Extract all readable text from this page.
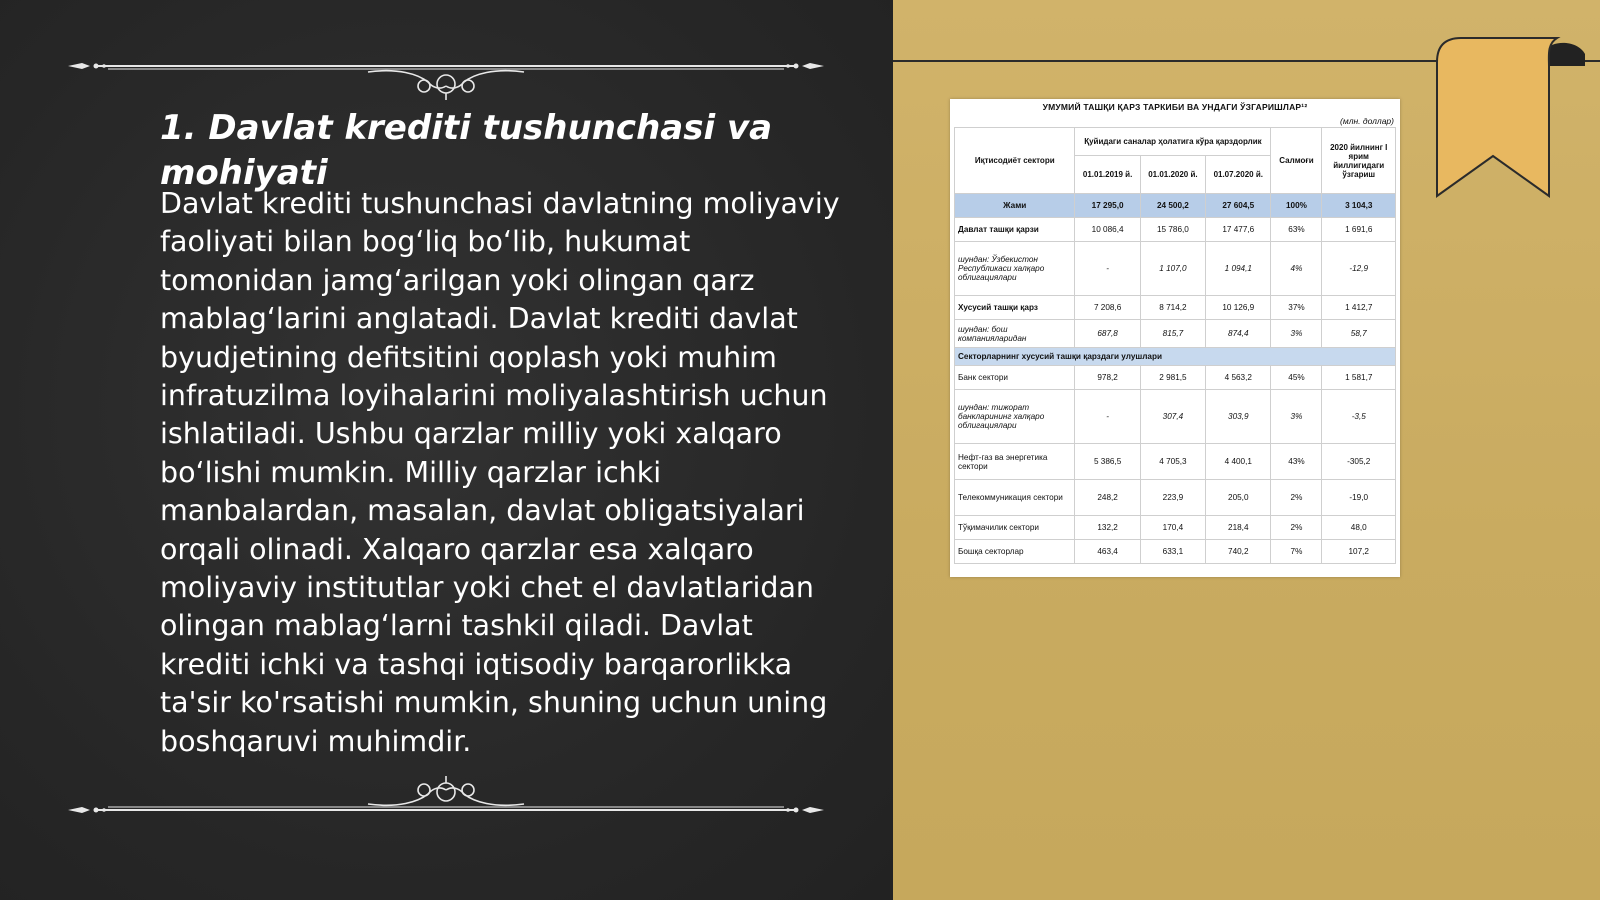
1. Davlat krediti tushunchasi va mohiyati

Davlat krediti tushunchasi davlatning moliyaviy faoliyati bilan bog‘liq bo‘lib, hukumat tomonidan jamg‘arilgan yoki olingan qarz mablag‘larini anglatadi. Davlat krediti davlat byudjetining defitsitini qoplash yoki muhim infratuzilma loyihalarini moliyalashtirish uchun ishlatiladi. Ushbu qarzlar milliy yoki xalqaro bo‘lishi mumkin. Milliy qarzlar ichki manbalardan, masalan, davlat obligatsiyalari orqali olinadi. Xalqaro qarzlar esa xalqaro moliyaviy institutlar yoki chet el davlatlaridan olingan mablag‘larni tashkil qiladi. Davlat krediti ichki va tashqi iqtisodiy barqarorlikka ta'sir ko'rsatishi mumkin, shuning uchun uning boshqaruvi muhimdir.

УМУМИЙ ТАШҚИ ҚАРЗ ТАРКИБИ ВА УНДАГИ ЎЗГАРИШЛАР¹²
(млн. доллар)
Иқтисодиёт сектори	Қуйидаги саналар ҳолатига кўра қарздорлик			Салмоғи	2020 йилнинг I ярим йиллигидаги ўзгариш
	01.01.2019 й.	01.01.2020 й.	01.07.2020 й.		
Жами	17 295,0	24 500,2	27 604,5	100%	3 104,3
Давлат ташқи қарзи	10 086,4	15 786,0	17 477,6	63%	1 691,6
шундан: Ўзбекистон Республикаси халқаро облигациялари	-	1 107,0	1 094,1	4%	-12,9
Хусусий ташқи қарз	7 208,6	8 714,2	10 126,9	37%	1 412,7
шундан: бош компанияларидан	687,8	815,7	874,4	3%	58,7
Секторларнинг хусусий ташқи қарздаги улушлари					
Банк сектори	978,2	2 981,5	4 563,2	45%	1 581,7
шундан: тижорат банкларининг халқаро облигациялари	-	307,4	303,9	3%	-3,5
Нефт-газ ва энергетика сектори	5 386,5	4 705,3	4 400,1	43%	-305,2
Телекоммуникация сектори	248,2	223,9	205,0	2%	-19,0
Тўқимачилик сектори	132,2	170,4	218,4	2%	48,0
Бошқа секторлар	463,4	633,1	740,2	7%	107,2
